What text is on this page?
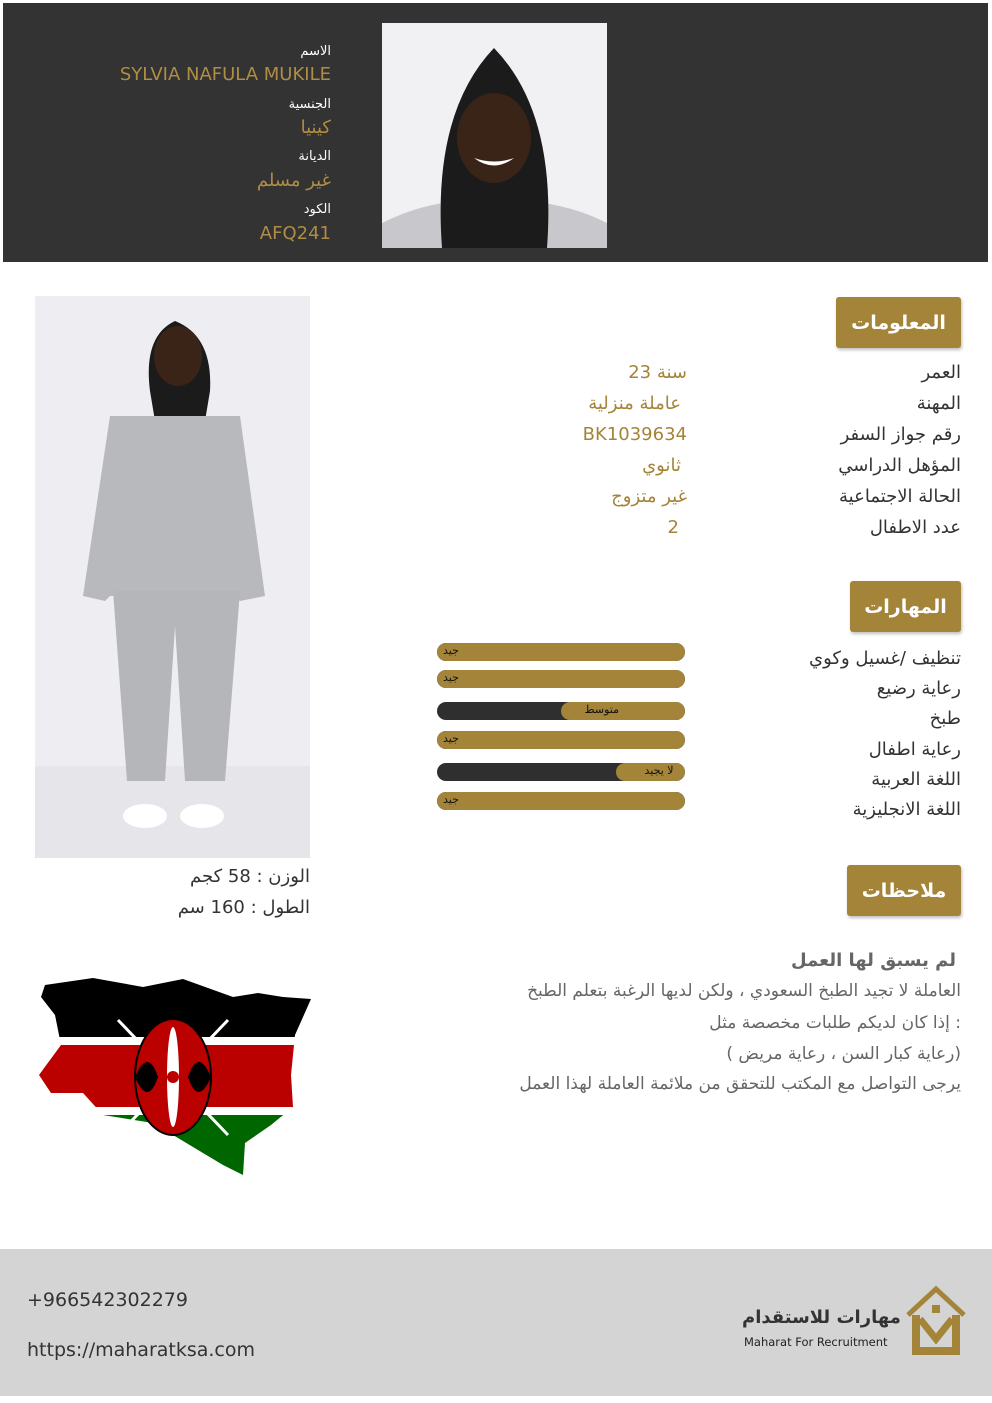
الاسم
SYLVIA NAFULA MUKILE
الجنسية
كينيا
الديانة
غير مسلم
الكود
AFQ241
المعلومات
العمر
23 سنة
المهنة
عاملة منزلية
رقم جواز السفر
BK1039634
المؤهل الدراسي
ثانوي
الحالة الاجتماعية
غير متزوج
عدد الاطفال
2
المهارات
تنظيف /غسيل وكوي
رعاية رضيع
طبخ
رعاية اطفال
اللغة العربية
اللغة الانجليزية
جيد
جيد
متوسط
جيد
لا يجيد
جيد
الوزن : 58 كجم
الطول : 160 سم
ملاحظات
لم يسبق لها العمل
العاملة لا تجيد الطبخ السعودي ، ولكن لديها الرغبة بتعلم الطبخ
إذا كان لديكم طلبات مخصصة مثل :
( رعاية كبار السن ، رعاية مريض)
يرجى التواصل مع المكتب للتحقق من ملائمة العاملة لهذا العمل
+966542302279
https://maharatksa.com
مهارات للاستقدام
Maharat For Recruitment
